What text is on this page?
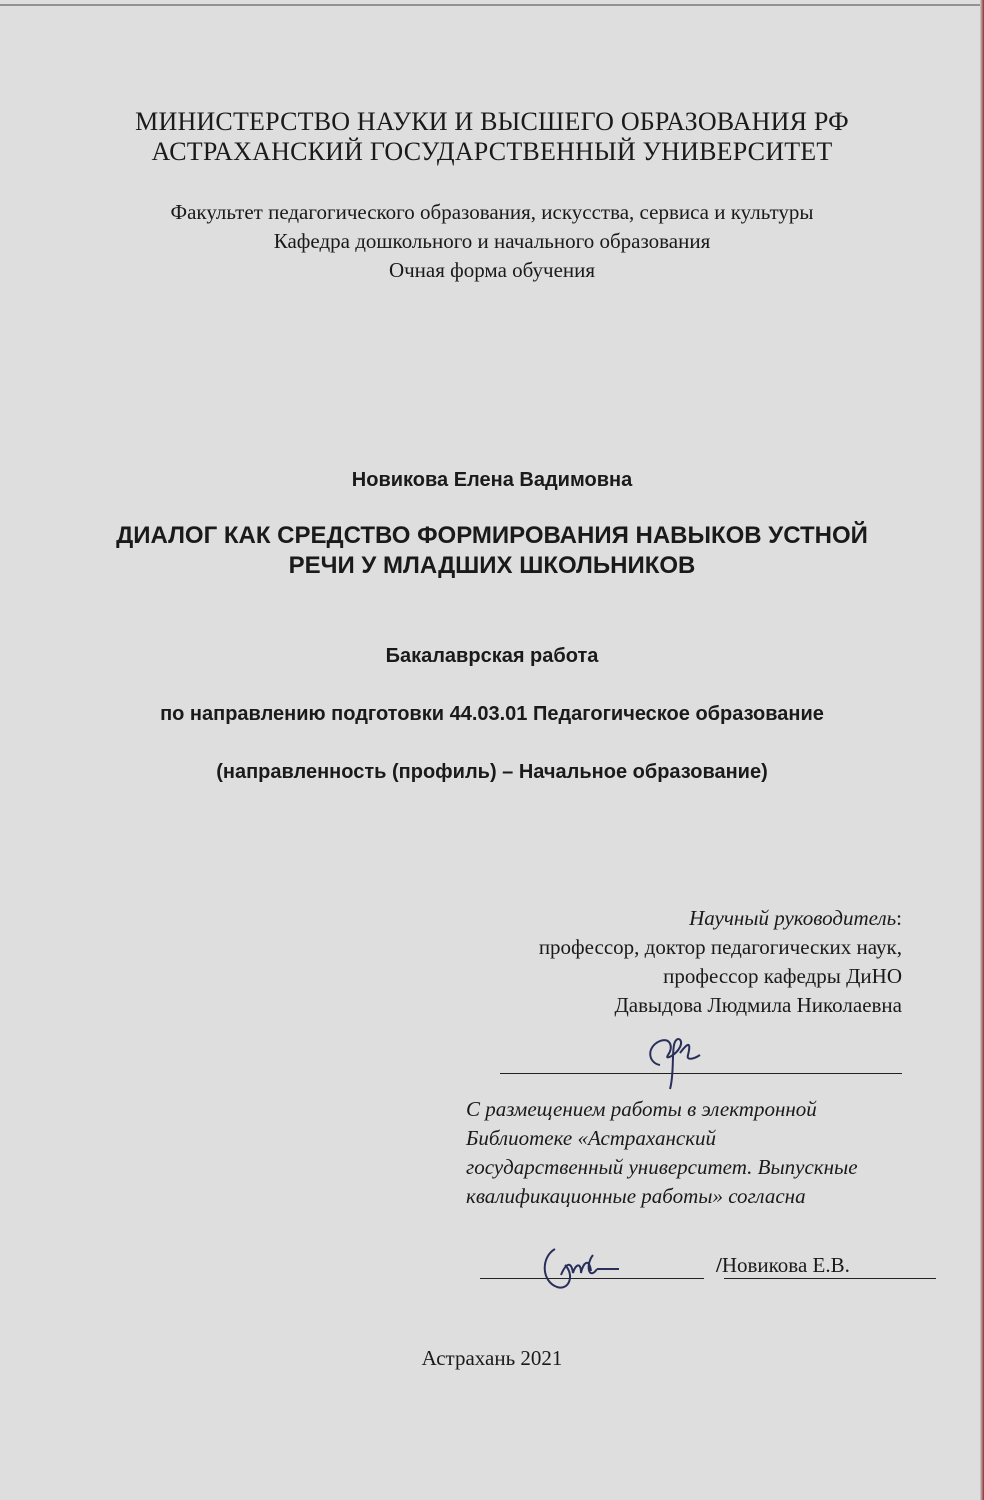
МИНИСТЕРСТВО НАУКИ И ВЫСШЕГО ОБРАЗОВАНИЯ РФ
АСТРАХАНСКИЙ ГОСУДАРСТВЕННЫЙ УНИВЕРСИТЕТ
Факультет педагогического образования, искусства, сервиса и культуры
Кафедра дошкольного и начального образования
Очная форма обучения
Новикова Елена Вадимовна
ДИАЛОГ КАК СРЕДСТВО ФОРМИРОВАНИЯ НАВЫКОВ УСТНОЙ
РЕЧИ У МЛАДШИХ ШКОЛЬНИКОВ
Бакалаврская работа
по направлению подготовки 44.03.01 Педагогическое образование
(направленность (профиль) – Начальное образование)
Научный руководитель:
профессор, доктор педагогических наук,
профессор кафедры ДиНО
Давыдова Людмила Николаевна
С размещением работы в электронной
Библиотеке «Астраханский
государственный университет. Выпускные
квалификационные работы» согласна
/Новикова Е.В.
Астрахань 2021
